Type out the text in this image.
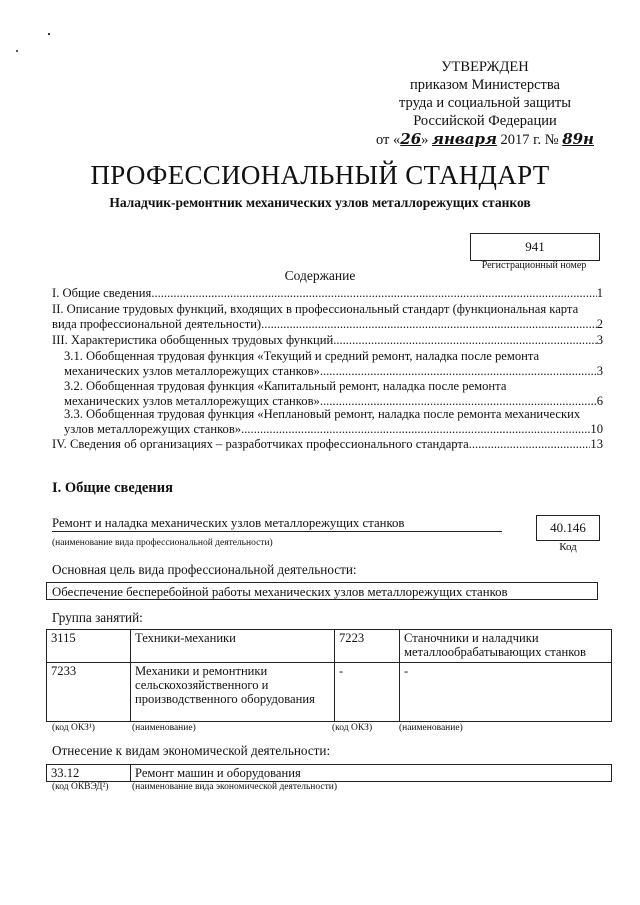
УТВЕРЖДЕН
приказом Министерства
труда и социальной защиты
Российской Федерации
от «26» января 2017 г. № 89н
ПРОФЕССИОНАЛЬНЫЙ СТАНДАРТ
Наладчик-ремонтник механических узлов металлорежущих станков
941
Регистрационный номер
Содержание
I. Общие сведения .....	1
II. Описание трудовых функций, входящих в профессиональный стандарт (функциональная карта
вида профессиональной деятельности) .....	2
III. Характеристика обобщенных трудовых функций .....	3
3.1. Обобщенная трудовая функция «Текущий и средний ремонт, наладка после ремонта
механических узлов металлорежущих станков» .....	3
3.2. Обобщенная трудовая функция «Капитальный ремонт, наладка после ремонта
механических узлов металлорежущих станков» .....	6
3.3. Обобщенная трудовая функция «Неплановый ремонт, наладка после ремонта механических
узлов металлорежущих станков» .....	10
IV. Сведения об организациях – разработчиках профессионального стандарта .....	13
I. Общие сведения
Ремонт и наладка механических узлов металлорежущих станков
(наименование вида профессиональной деятельности)
40.146
Код
Основная цель вида профессиональной деятельности:
Обеспечение бесперебойной работы механических узлов металлорежущих станков
Группа занятий:
3115	Техники-механики	7223	Станочники и наладчики металлообрабатывающих станков
7233	Механики и ремонтники сельскохозяйственного и производственного оборудования	-	-
(код ОКЗ¹)	(наименование)	(код ОКЗ)	(наименование)
Отнесение к видам экономической деятельности:
33.12	Ремонт машин и оборудования
(код ОКВЭД²) (наименование вида экономической деятельности)
